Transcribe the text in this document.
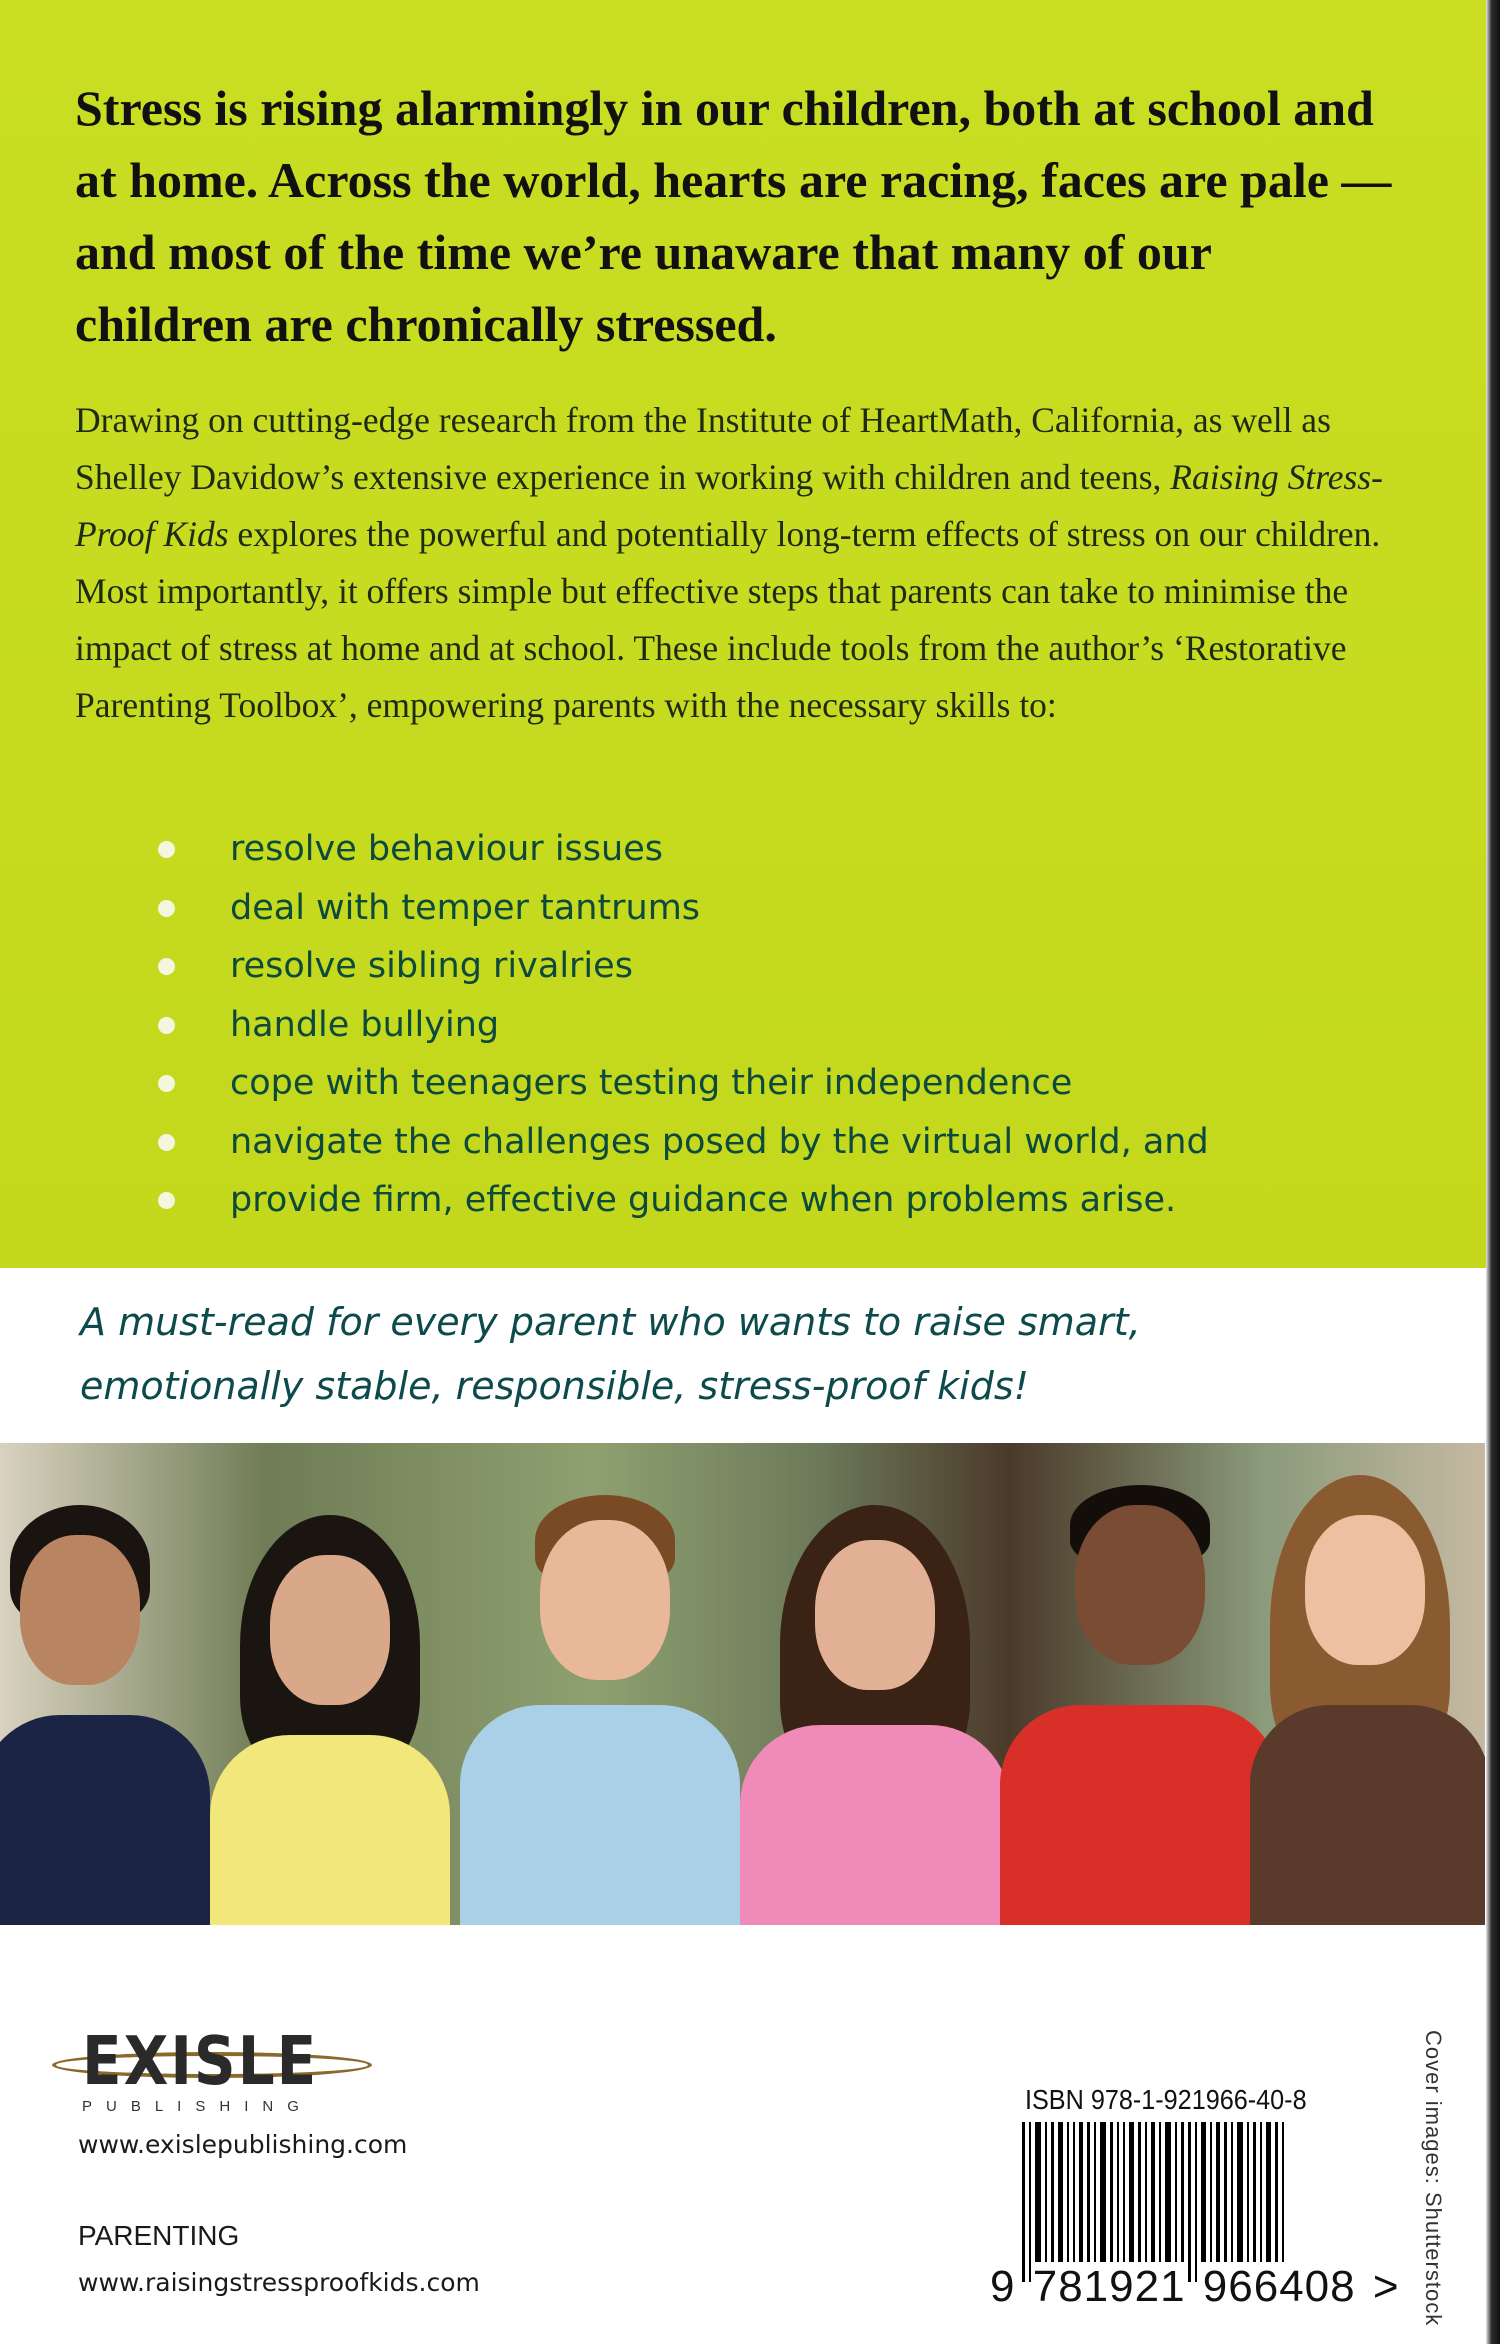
Stress is rising alarmingly in our children, both at school and at home. Across the world, hearts are racing, faces are pale — and most of the time we’re unaware that many of our children are chronically stressed.
Drawing on cutting-edge research from the Institute of HeartMath, California, as well as Shelley Davidow’s extensive experience in working with children and teens, Raising Stress-Proof Kids explores the powerful and potentially long-term effects of stress on our children. Most importantly, it offers simple but effective steps that parents can take to minimise the impact of stress at home and at school. These include tools from the author’s ‘Restorative Parenting Toolbox’, empowering parents with the necessary skills to:
resolve behaviour issues
deal with temper tantrums
resolve sibling rivalries
handle bullying
cope with teenagers testing their independence
navigate the challenges posed by the virtual world, and
provide firm, effective guidance when problems arise.
A must-read for every parent who wants to raise smart, emotionally stable, responsible, stress-proof kids!
EXISLE
PUBLISHING
www.exislepublishing.com
PARENTING
www.raisingstressproofkids.com
ISBN 978-1-921966-40-8
9 781921 966408 > Cover images: Shutterstock
